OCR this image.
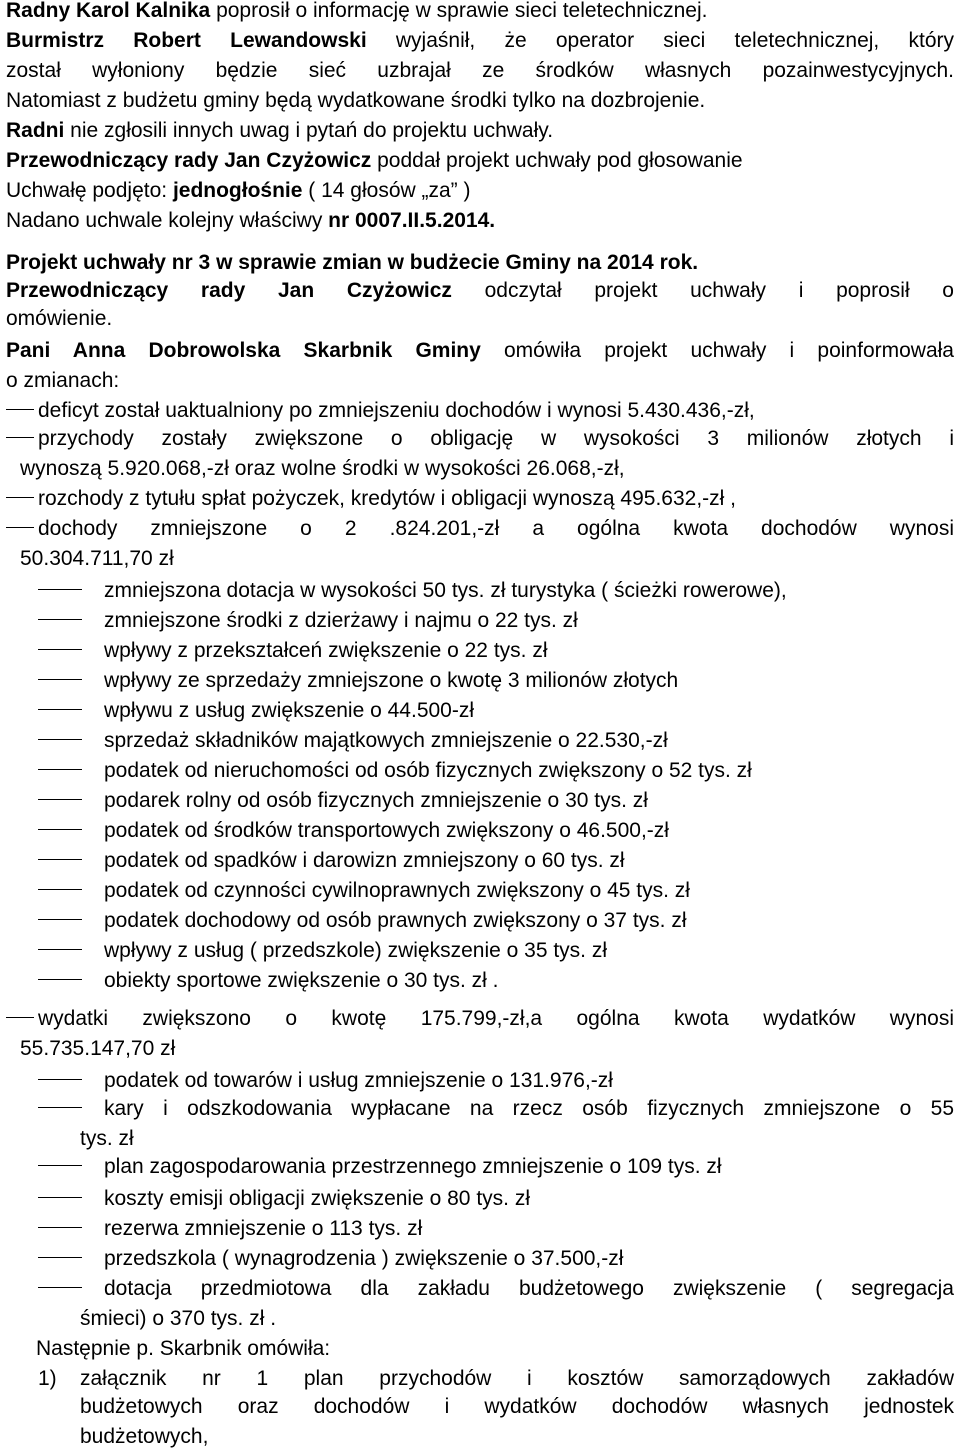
Radny Karol Kalnika poprosił o informację w sprawie sieci teletechnicznej.
Burmistrz Robert Lewandowski wyjaśnił, że operator sieci teletechnicznej, który
został wyłoniony będzie sieć uzbrajał ze środków własnych pozainwestycyjnych.
Natomiast z budżetu gminy będą wydatkowane środki tylko na dozbrojenie.
Radni nie zgłosili innych uwag i pytań do projektu uchwały.
Przewodniczący rady Jan Czyżowicz poddał projekt uchwały pod głosowanie
Uchwałę podjęto: jednogłośnie ( 14 głosów „za” )
Nadano uchwale kolejny właściwy nr 0007.II.5.2014.
Projekt uchwały nr 3 w sprawie zmian w budżecie Gminy na 2014 rok.
Przewodniczący rady Jan Czyżowicz odczytał projekt uchwały i poprosił o
omówienie.
Pani Anna Dobrowolska Skarbnik Gminy omówiła projekt uchwały i poinformowała
o zmianach:
deficyt został uaktualniony po zmniejszeniu dochodów i wynosi 5.430.436,-zł,
przychody zostały zwiększone o obligację w wysokości 3 milionów złotych i
wynoszą 5.920.068,-zł oraz wolne środki w wysokości 26.068,-zł,
rozchody z tytułu spłat pożyczek, kredytów i obligacji wynoszą 495.632,-zł ,
dochody zmniejszone o 2 .824.201,-zł a ogólna kwota dochodów wynosi
50.304.711,70 zł
zmniejszona dotacja w wysokości 50 tys. zł turystyka ( ścieżki rowerowe),
zmniejszone środki z dzierżawy i najmu o 22 tys. zł
wpływy z przekształceń zwiększenie o 22 tys. zł
wpływy ze sprzedaży zmniejszone o kwotę 3 milionów złotych
wpływu z usług zwiększenie o 44.500-zł
sprzedaż składników majątkowych zmniejszenie o 22.530,-zł
podatek od nieruchomości od osób fizycznych zwiększony o 52 tys. zł
podarek rolny od osób fizycznych zmniejszenie o 30 tys. zł
podatek od środków transportowych zwiększony o 46.500,-zł
podatek od spadków i darowizn zmniejszony o 60 tys. zł
podatek od czynności cywilnoprawnych zwiększony o 45 tys. zł
podatek dochodowy od osób prawnych zwiększony o 37 tys. zł
wpływy z usług ( przedszkole) zwiększenie o 35 tys. zł
obiekty sportowe zwiększenie o 30 tys. zł .
wydatki zwiększono o kwotę 175.799,-zł,a ogólna kwota wydatków wynosi
55.735.147,70 zł
podatek od towarów i usług zmniejszenie o 131.976,-zł
kary i odszkodowania wypłacane na rzecz osób fizycznych zmniejszone o 55
tys. zł
plan zagospodarowania przestrzennego zmniejszenie o 109 tys. zł
koszty emisji obligacji zwiększenie o 80 tys. zł
rezerwa zmniejszenie o 113 tys. zł
przedszkola ( wynagrodzenia ) zwiększenie o 37.500,-zł
dotacja przedmiotowa dla zakładu budżetowego zwiększenie ( segregacja
śmieci) o 370 tys. zł .
Następnie p. Skarbnik omówiła:
1) załącznik nr 1 plan przychodów i kosztów samorządowych zakładów
budżetowych oraz dochodów i wydatków dochodów własnych jednostek
budżetowych,
